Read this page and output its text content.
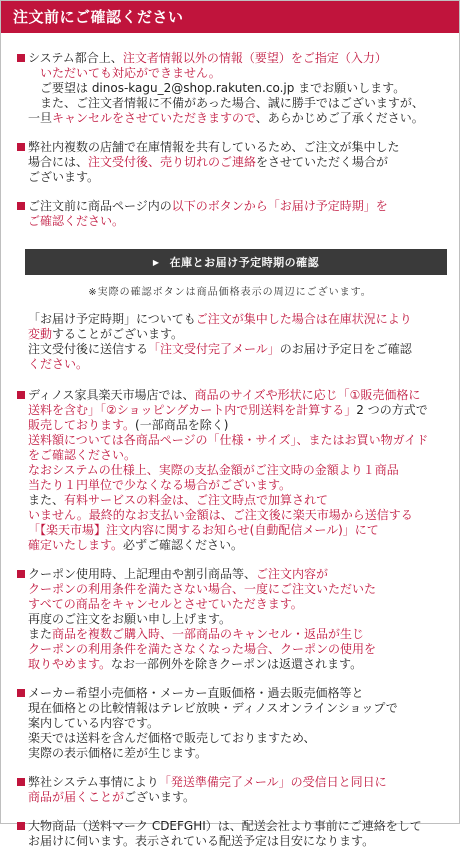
注文前にご確認ください
システム都合上、注文者情報以外の情報（要望）をご指定（入力）
いただいても対応ができません。
ご要望は dinos-kagu_2@shop.rakuten.co.jp までお願いします。
また、ご注文者情報に不備があった場合、誠に勝手ではございますが、
一旦キャンセルをさせていただきますので、あらかじめご了承ください。
弊社内複数の店舗で在庫情報を共有しているため、ご注文が集中した
場合には、注文受付後、売り切れのご連絡をさせていただく場合が
ございます。
ご注文前に商品ページ内の以下のボタンから「お届け予定時期」を
ご確認ください。
▶ 在庫とお届け予定時期の確認
※実際の確認ボタンは商品価格表示の周辺にございます。
「お届け予定時期」についてもご注文が集中した場合は在庫状況により
変動することがございます。
注文受付後に送信する「注文受付完了メール」のお届け予定日をご確認
ください。
ディノス家具楽天市場店では、商品のサイズや形状に応じ「①販売価格に
送料を含む」「②ショッピングカート内で別送料を計算する」2 つの方式で
販売しております。(一部商品を除く)
送料額については各商品ページの「仕様・サイズ」、またはお買い物ガイド
をご確認ください。
なおシステムの仕様上、実際の支払金額がご注文時の金額より１商品
当たり１円単位で少なくなる場合がございます。
また、有料サービスの料金は、ご注文時点で加算されて
いません。最終的なお支払い金額は、ご注文後に楽天市場から送信する
「【楽天市場】注文内容に関するお知らせ(自動配信メール)」にて
確定いたします。必ずご確認ください。
クーポン使用時、上記理由や割引商品等、ご注文内容が
クーポンの利用条件を満たさない場合、一度にご注文いただいた
すべての商品をキャンセルとさせていただきます。
再度のご注文をお願い申し上げます。
また商品を複数ご購入時、一部商品のキャンセル・返品が生じ
クーポンの利用条件を満たさなくなった場合、クーポンの使用を
取りやめます。なお一部例外を除きクーポンは返還されます。
メーカー希望小売価格・メーカー直販価格・過去販売価格等と
現在価格との比較情報はテレビ放映・ディノスオンラインショップで
案内している内容です。
楽天では送料を含んだ価格で販売しておりますため、
実際の表示価格に差が生じます。
弊社システム事情により「発送準備完了メール」の受信日と同日に
商品が届くことがございます。
大物商品（送料マーク CDEFGHI）は、配送会社より事前にご連絡をして
お届けに伺います。表示されている配送予定は目安になります。
